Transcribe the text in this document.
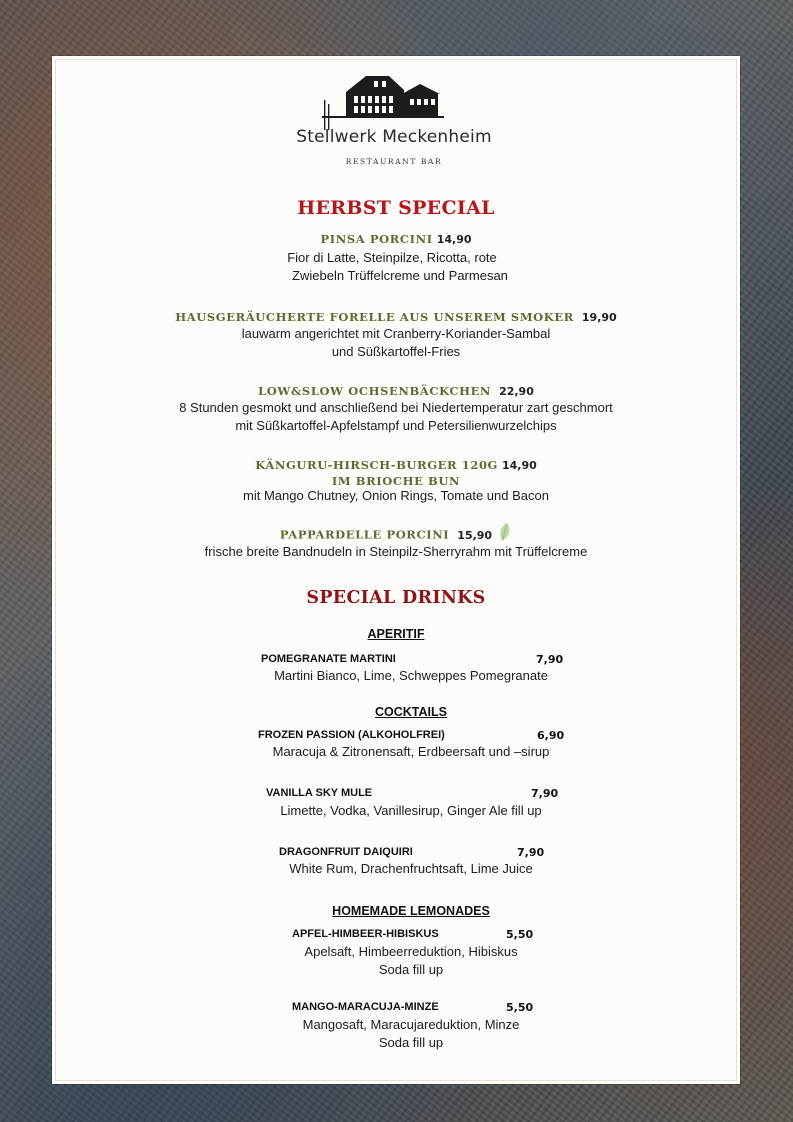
Stellwerk Meckenheim
RESTAURANT BAR
HERBST SPECIAL
PINSA PORCINI 14,90
Fior di Latte, Steinpilze, Ricotta, rote
Zwiebeln Trüffelcreme und Parmesan
HAUSGERÄUCHERTE FORELLE AUS UNSEREM SMOKER 19,90
lauwarm angerichtet mit Cranberry-Koriander-Sambal
und Süßkartoffel-Fries
LOW&SLOW OCHSENBÄCKCHEN 22,90
8 Stunden gesmokt und anschließend bei Niedertemperatur zart geschmort
mit Süßkartoffel-Apfelstampf und Petersilienwurzelchips
KÄNGURU-HIRSCH-BURGER 120G 14,90
IM BRIOCHE BUN
mit Mango Chutney, Onion Rings, Tomate und Bacon
PAPPARDELLE PORCINI 15,90
frische breite Bandnudeln in Steinpilz-Sherryrahm mit Trüffelcreme
SPECIAL DRINKS
APERITIF
POMEGRANATE MARTINI	7,90
Martini Bianco, Lime, Schweppes Pomegranate
COCKTAILS
FROZEN PASSION (ALKOHOLFREI)	6,90
Maracuja & Zitronensaft, Erdbeersaft und –sirup
VANILLA SKY MULE	7,90
Limette, Vodka, Vanillesirup, Ginger Ale fill up
DRAGONFRUIT DAIQUIRI	7,90
White Rum, Drachenfruchtsaft, Lime Juice
HOMEMADE LEMONADES
APFEL-HIMBEER-HIBISKUS	5,50
Apelsaft, Himbeerreduktion, Hibiskus
Soda fill up
MANGO-MARACUJA-MINZE	5,50
Mangosaft, Maracujareduktion, Minze
Soda fill up
